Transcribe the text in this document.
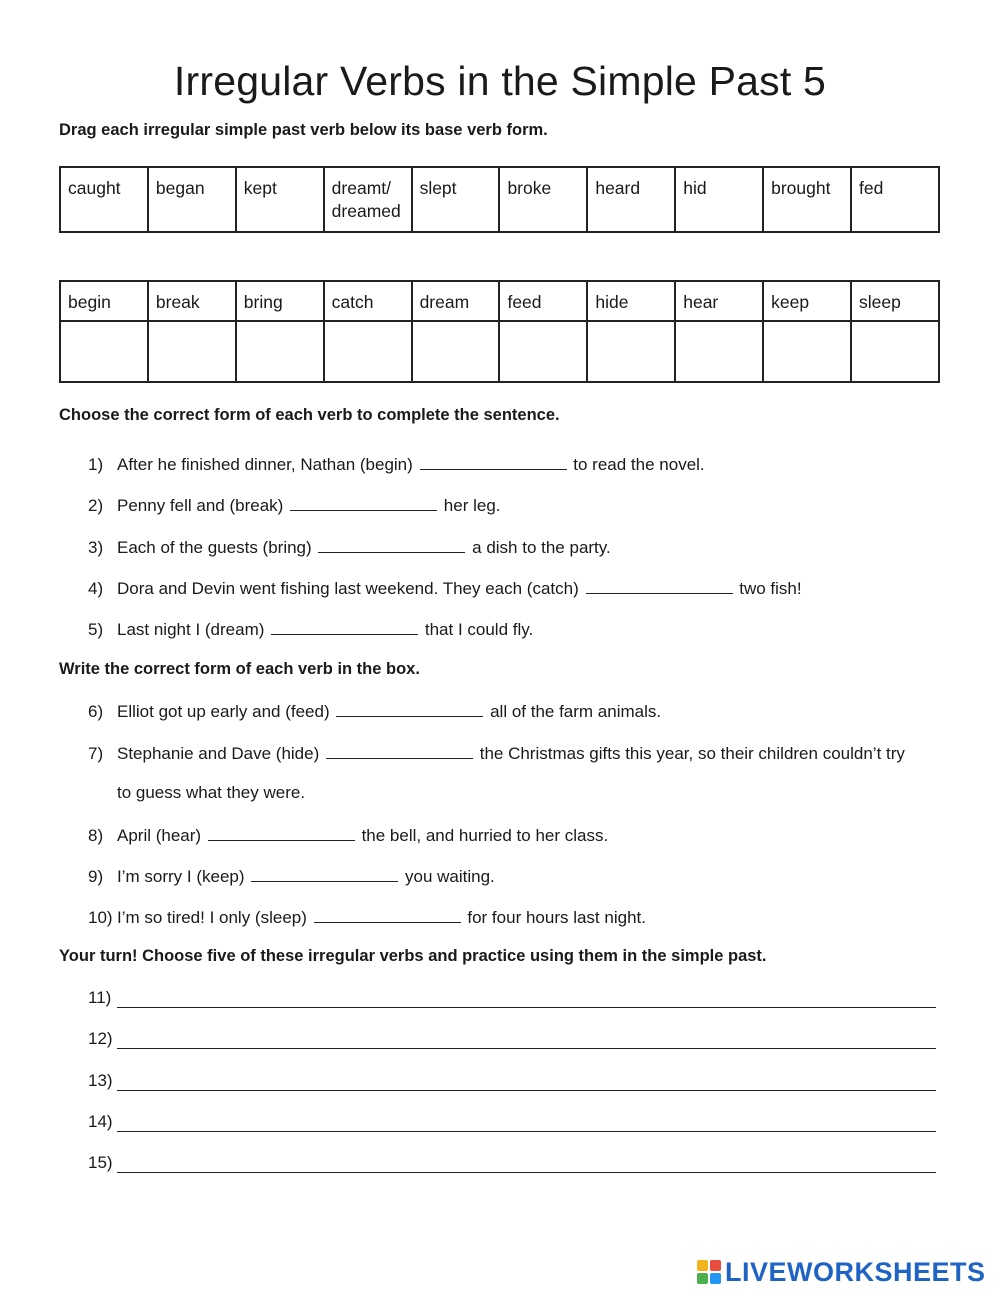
Irregular Verbs in the Simple Past 5

Drag each irregular simple past verb below its base verb form.

caught	began	kept	dreamt/ dreamed	slept	broke	heard	hid	brought	fed
begin	break	bring	catch	dream	feed	hide	hear	keep	sleep

Choose the correct form of each verb to complete the sentence.

1) After he finished dinner, Nathan (begin)	to read the novel.
2) Penny fell and (break)	her leg.
3) Each of the guests (bring)	a dish to the party.
4) Dora and Devin went fishing last weekend. They each (catch)	two fish!
5) Last night I (dream)	that I could fly.

Write the correct form of each verb in the box.

6) Elliot got up early and (feed)	all of the farm animals.
7) Stephanie and Dave (hide)	the Christmas gifts this year, so their children couldn’t try
to guess what they were.
8) April (hear)	the bell, and hurried to her class.
9) I’m sorry I (keep)	you waiting.
10) I’m so tired! I only (sleep)	for four hours last night.

Your turn! Choose five of these irregular verbs and practice using them in the simple past.

11)
12)
13)
14)
15)
LIVEWORKSHEETS
